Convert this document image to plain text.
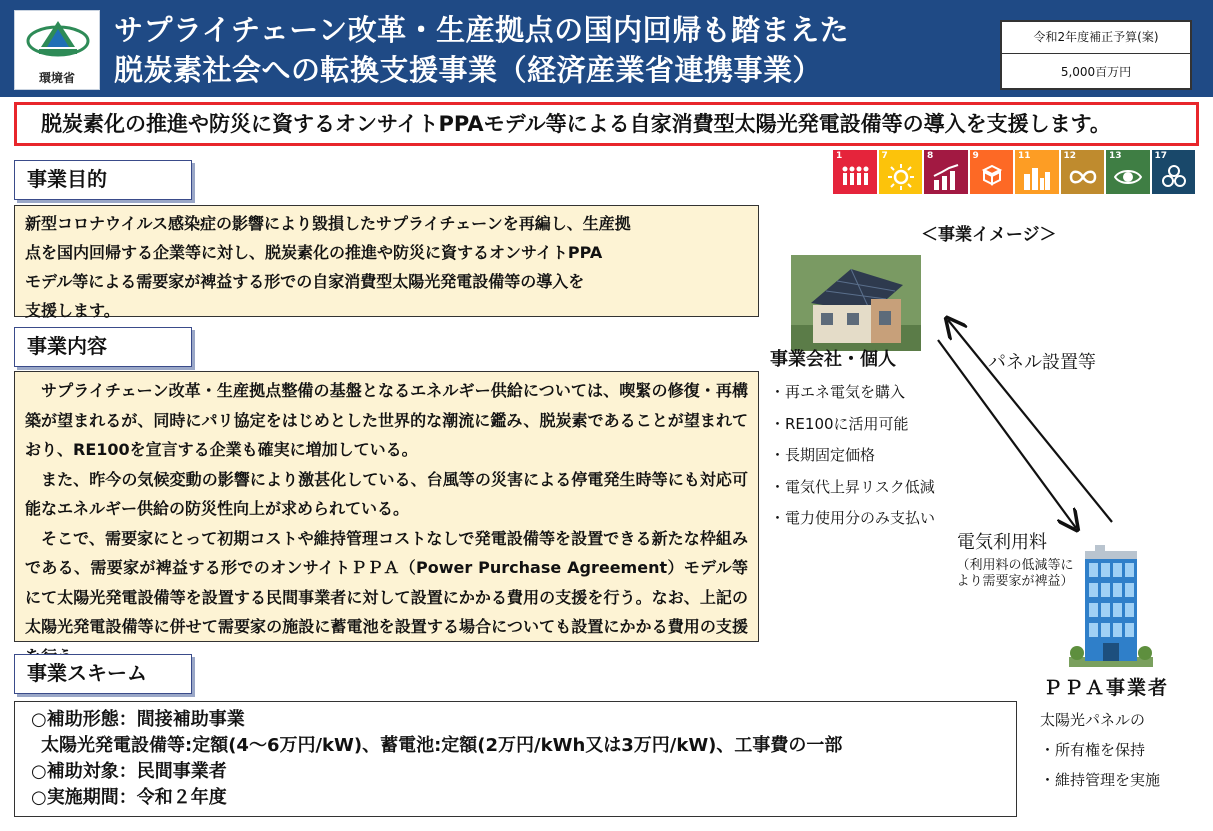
環境省
サプライチェーン改革・生産拠点の国内回帰も踏まえた
脱炭素社会への転換支援事業（経済産業省連携事業）
令和2年度補正予算(案)
5,000百万円
脱炭素化の推進や防災に資するオンサイトPPAモデル等による自家消費型太陽光発電設備等の導入を支援します。
1	7	8	9	11	12	13	17
事業目的

新型コロナウイルス感染症の影響により毀損したサプライチェーンを再編し、生産拠

点を国内回帰する企業等に対し、脱炭素化の推進や防災に資するオンサイトPPA

モデル等による需要家が裨益する形での自家消費型太陽光発電設備等の導入を

支援します。

事業内容

サプライチェーン改革・生産拠点整備の基盤となるエネルギー供給については、喫緊の修復・再構築が望まれるが、同時にパリ協定をはじめとした世界的な潮流に鑑み、脱炭素であることが望まれており、RE100を宣言する企業も確実に増加している。

また、昨今の気候変動の影響により激甚化している、台風等の災害による停電発生時等にも対応可能なエネルギー供給の防災性向上が求められている。

そこで、需要家にとって初期コストや維持管理コストなしで発電設備等を設置できる新たな枠組みである、需要家が裨益する形でのオンサイトＰＰＡ（Power Purchase Agreement）モデル等にて太陽光発電設備等を設置する民間事業者に対して設置にかかる費用の支援を行う。なお、上記の太陽光発電設備等に併せて需要家の施設に蓄電池を設置する場合についても設置にかかる費用の支援

事業スキーム

○補助形態：間接補助事業

太陽光発電設備等:定額(4～6万円/kW)、蓄電池:定額(2万円/kWh又は3万円/kW)、工事費の一部

○補助対象：民間事業者

○実施期間：令和２年度

＜事業イメージ＞
事業会社・個人

・再エネ電気を購入

・RE100に活用可能

・長期固定価格

・電気代上昇リスク低減

・電力使用分のみ支払い

パネル設置等
電気利用料
（利用料の低減等に
より需要家が裨益）
ＰＰＡ事業者

太陽光パネルの

・所有権を保持

・維持管理を実施
